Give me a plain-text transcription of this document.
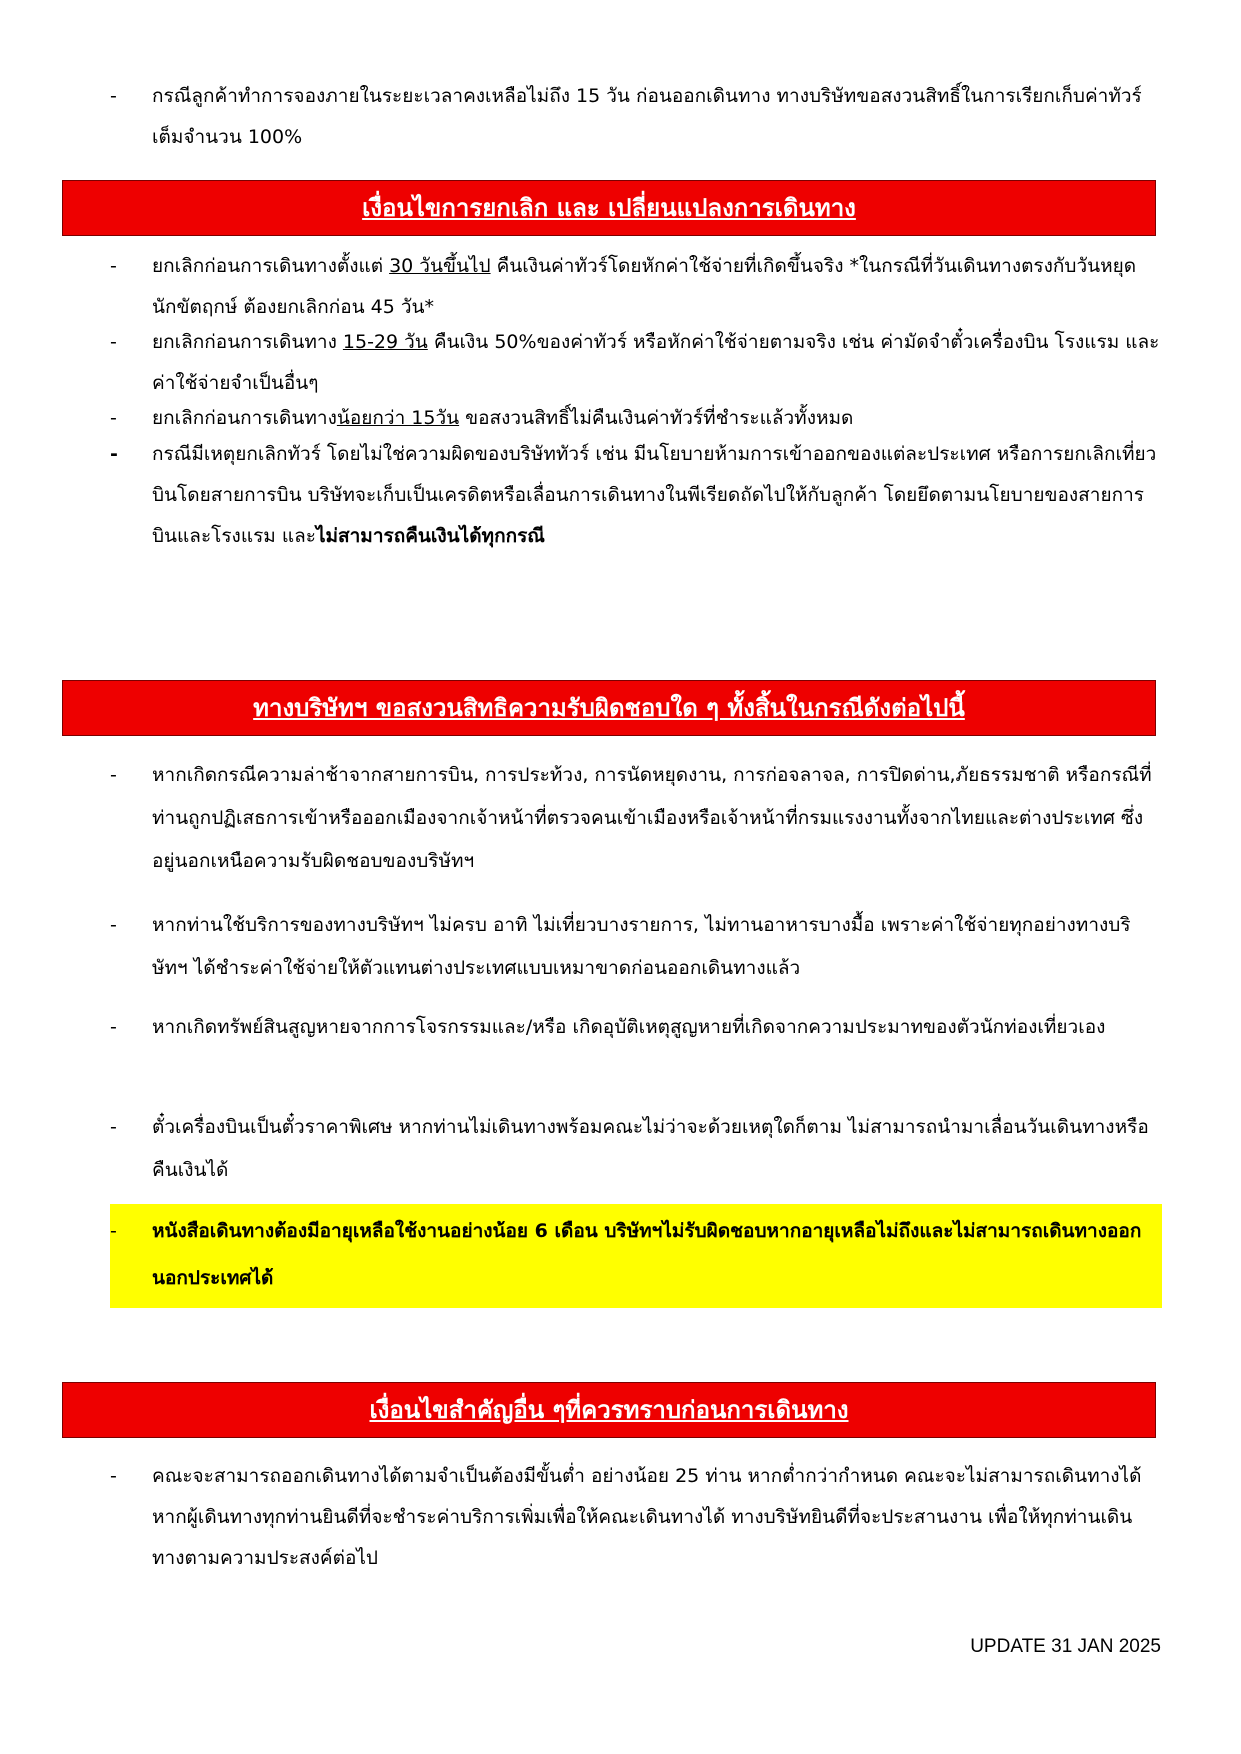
-	กรณีลูกค้าทำการจองภายในระยะเวลาคงเหลือไม่ถึง 15 วัน ก่อนออกเดินทาง ทางบริษัทขอสงวนสิทธิ์ในการเรียกเก็บค่าทัวร์เต็มจำนวน 100%
เงื่อนไขการยกเลิก และ เปลี่ยนแปลงการเดินทาง
-	ยกเลิกก่อนการเดินทางตั้งแต่ 30 วันขึ้นไป คืนเงินค่าทัวร์โดยหักค่าใช้จ่ายที่เกิดขึ้นจริง *ในกรณีที่วันเดินทางตรงกับวันหยุดนักขัตฤกษ์ ต้องยกเลิกก่อน 45 วัน*
-	ยกเลิกก่อนการเดินทาง 15-29 วัน คืนเงิน 50%ของค่าทัวร์ หรือหักค่าใช้จ่ายตามจริง เช่น ค่ามัดจำตั๋วเครื่องบิน โรงแรม และค่าใช้จ่ายจำเป็นอื่นๆ
-	ยกเลิกก่อนการเดินทางน้อยกว่า 15วัน ขอสงวนสิทธิ์ไม่คืนเงินค่าทัวร์ที่ชำระแล้วทั้งหมด
-	กรณีมีเหตุยกเลิกทัวร์ โดยไม่ใช่ความผิดของบริษัททัวร์ เช่น มีนโยบายห้ามการเข้าออกของแต่ละประเทศ หรือการยกเลิกเที่ยวบินโดยสายการบิน บริษัทจะเก็บเป็นเครดิตหรือเลื่อนการเดินทางในพีเรียดถัดไปให้กับลูกค้า โดยยึดตามนโยบายของสายการบินและโรงแรม และไม่สามารถคืนเงินได้ทุกกรณี
ทางบริษัทฯ ขอสงวนสิทธิความรับผิดชอบใด ๆ ทั้งสิ้นในกรณีดังต่อไปนี้
-	หากเกิดกรณีความล่าช้าจากสายการบิน, การประท้วง, การนัดหยุดงาน, การก่อจลาจล, การปิดด่าน,ภัยธรรมชาติ หรือกรณีที่ท่านถูกปฏิเสธการเข้าหรือออกเมืองจากเจ้าหน้าที่ตรวจคนเข้าเมืองหรือเจ้าหน้าที่กรมแรงงานทั้งจากไทยและต่างประเทศ ซึ่งอยู่นอกเหนือความรับผิดชอบของบริษัทฯ
-	หากท่านใช้บริการของทางบริษัทฯ ไม่ครบ อาทิ ไม่เที่ยวบางรายการ, ไม่ทานอาหารบางมื้อ เพราะค่าใช้จ่ายทุกอย่างทางบริษัทฯ ได้ชำระค่าใช้จ่ายให้ตัวแทนต่างประเทศแบบเหมาขาดก่อนออกเดินทางแล้ว
-	หากเกิดทรัพย์สินสูญหายจากการโจรกรรมและ/หรือ เกิดอุบัติเหตุสูญหายที่เกิดจากความประมาทของตัวนักท่องเที่ยวเอง
-	ตั๋วเครื่องบินเป็นตั๋วราคาพิเศษ หากท่านไม่เดินทางพร้อมคณะไม่ว่าจะด้วยเหตุใดก็ตาม ไม่สามารถนำมาเลื่อนวันเดินทางหรือคืนเงินได้
-	หนังสือเดินทางต้องมีอายุเหลือใช้งานอย่างน้อย 6 เดือน บริษัทฯไม่รับผิดชอบหากอายุเหลือไม่ถึงและไม่สามารถเดินทางออกนอกประเทศได้
เงื่อนไขสำคัญอื่น ๆที่ควรทราบก่อนการเดินทาง
-	คณะจะสามารถออกเดินทางได้ตามจำเป็นต้องมีขั้นต่ำ อย่างน้อย 25 ท่าน หากต่ำกว่ากำหนด คณะจะไม่สามารถเดินทางได้ หากผู้เดินทางทุกท่านยินดีที่จะชำระค่าบริการเพิ่มเพื่อให้คณะเดินทางได้ ทางบริษัทยินดีที่จะประสานงาน เพื่อให้ทุกท่านเดินทางตามความประสงค์ต่อไป
UPDATE 31 JAN 2025
